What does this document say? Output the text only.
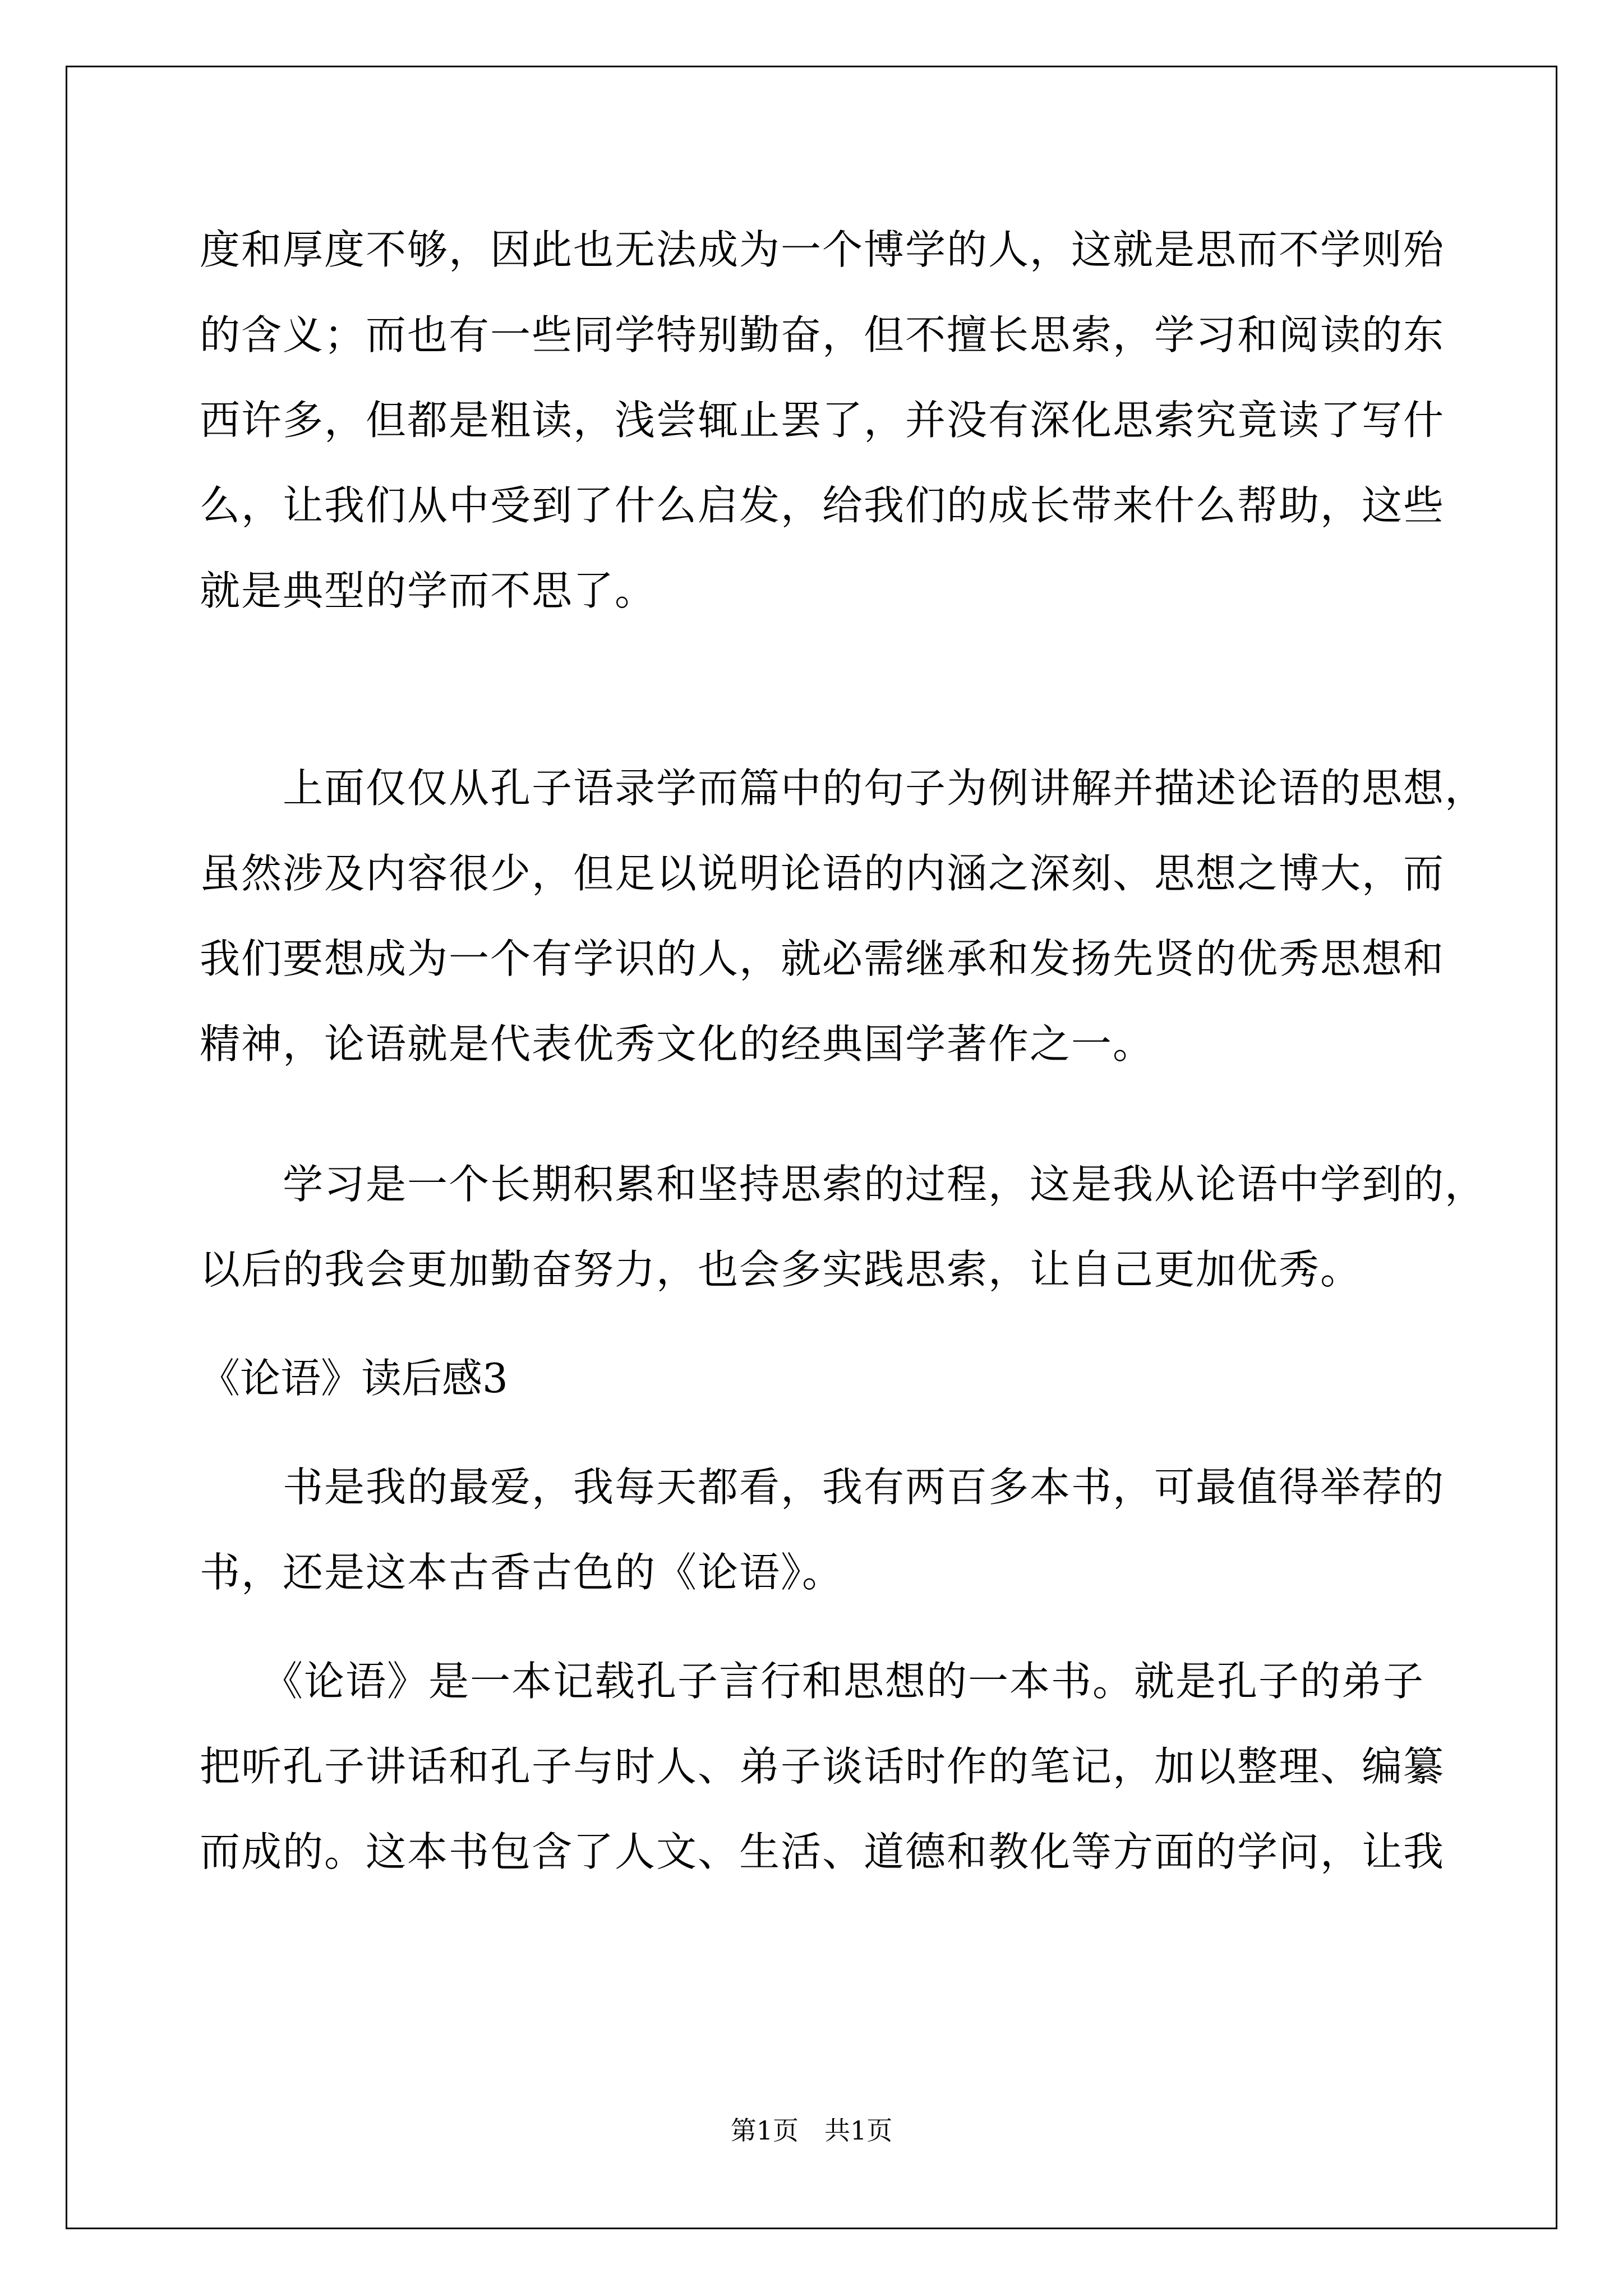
度和厚度不够，因此也无法成为一个博学的人，这就是思而不学则殆
的含义；而也有一些同学特别勤奋，但不擅长思索，学习和阅读的东
西许多，但都是粗读，浅尝辄止罢了，并没有深化思索究竟读了写什
么，让我们从中受到了什么启发，给我们的成长带来什么帮助，这些
就是典型的学而不思了。
　　上面仅仅从孔子语录学而篇中的句子为例讲解并描述论语的思想，
虽然涉及内容很少，但足以说明论语的内涵之深刻、思想之博大，而
我们要想成为一个有学识的人，就必需继承和发扬先贤的优秀思想和
精神，论语就是代表优秀文化的经典国学著作之一。
　　学习是一个长期积累和坚持思索的过程，这是我从论语中学到的，
以后的我会更加勤奋努力，也会多实践思索，让自己更加优秀。
《论语》读后感3
　　书是我的最爱，我每天都看，我有两百多本书，可最值得举荐的
书，还是这本古香古色的《论语》。
　　《论语》是一本记载孔子言行和思想的一本书。就是孔子的弟子
把听孔子讲话和孔子与时人、弟子谈话时作的笔记，加以整理、编纂
而成的。这本书包含了人文、生活、道德和教化等方面的学问，让我
第1页　共1页
